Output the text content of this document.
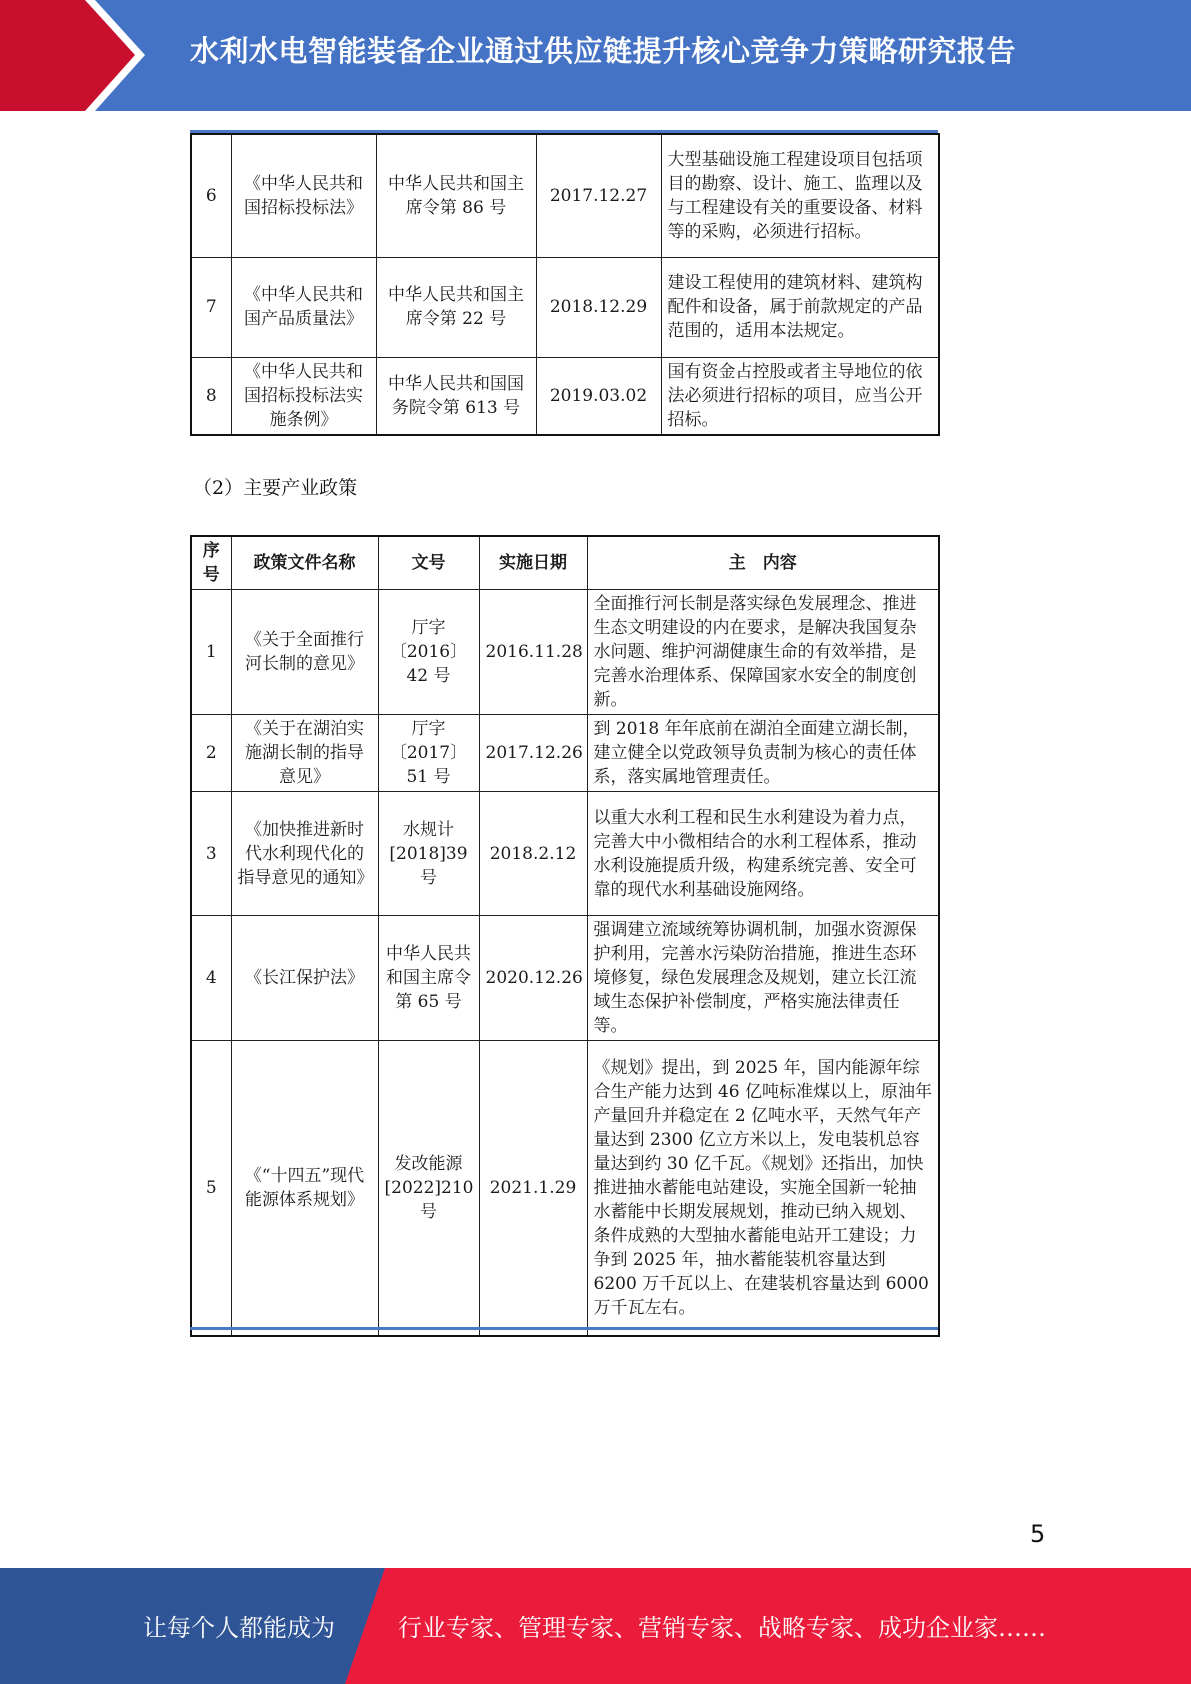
水利水电智能装备企业通过供应链提升核心竞争力策略研究报告
6	《中华人民共和国招标投标法》	中华人民共和国主席令第 86 号	2017.12.27	大型基础设施工程建设项目包括项目的勘察、设计、施工、监理以及与工程建设有关的重要设备、材料等的采购，必须进行招标。
7	《中华人民共和国产品质量法》	中华人民共和国主席令第 22 号	2018.12.29	建设工程使用的建筑材料、建筑构配件和设备，属于前款规定的产品范围的，适用本法规定。
8	《中华人民共和国招标投标法实施条例》	中华人民共和国国务院令第 613 号	2019.03.02	国有资金占控股或者主导地位的依法必须进行招标的项目，应当公开招标。
（2）主要产业政策
序号	政策文件名称	文号	实施日期	主　内容
1	《关于全面推行河长制的意见》	厅字〔2016〕42 号	2016.11.28	全面推行河长制是落实绿色发展理念、推进生态文明建设的内在要求，是解决我国复杂水问题、维护河湖健康生命的有效举措，是完善水治理体系、保障国家水安全的制度创新。
2	《关于在湖泊实施湖长制的指导意见》	厅字〔2017〕51 号	2017.12.26	到 2018 年年底前在湖泊全面建立湖长制，建立健全以党政领导负责制为核心的责任体系，落实属地管理责任。
3	《加快推进新时代水利现代化的指导意见的通知》	水规计[2018]39 号	2018.2.12	以重大水利工程和民生水利建设为着力点，完善大中小微相结合的水利工程体系，推动水利设施提质升级，构建系统完善、安全可靠的现代水利基础设施网络。
4	《长江保护法》	中华人民共和国主席令第 65 号	2020.12.26	强调建立流域统筹协调机制，加强水资源保护利用，完善水污染防治措施，推进生态环境修复，绿色发展理念及规划，建立长江流域生态保护补偿制度，严格实施法律责任等。
5	《“十四五”现代能源体系规划》	发改能源[2022]210 号	2021.1.29	《规划》提出，到 2025 年，国内能源年综合生产能力达到 46 亿吨标准煤以上，原油年产量回升并稳定在 2 亿吨水平，天然气年产量达到 2300 亿立方米以上，发电装机总容量达到约 30 亿千瓦。《规划》还指出，加快推进抽水蓄能电站建设，实施全国新一轮抽水蓄能中长期发展规划，推动已纳入规划、条件成熟的大型抽水蓄能电站开工建设；力争到 2025 年，抽水蓄能装机容量达到 6200 万千瓦以上、在建装机容量达到 6000 万千瓦左右。
5
让每个人都能成为	行业专家、管理专家、营销专家、战略专家、成功企业家……
